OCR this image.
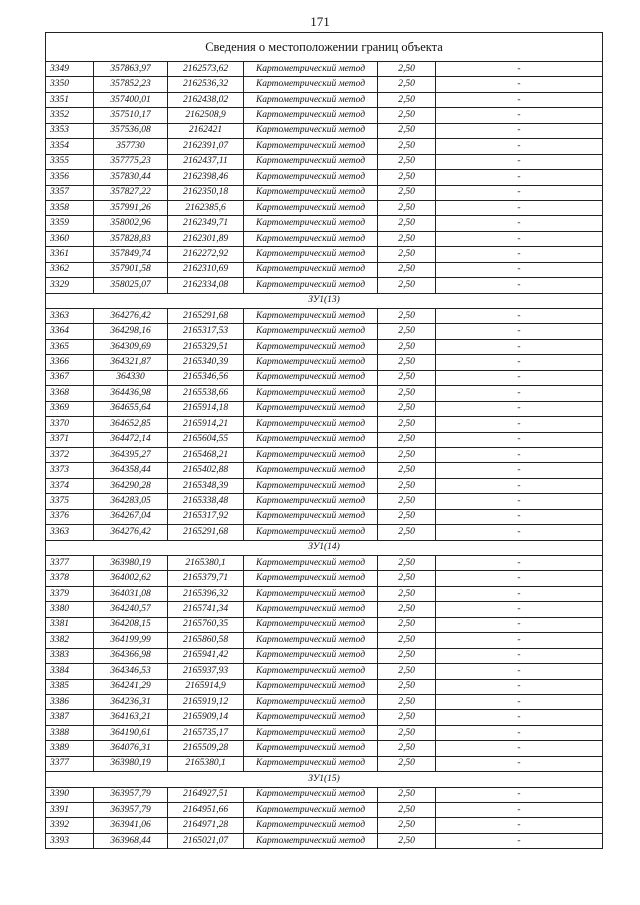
171
Сведения о местоположении границ объекта					
3349	357863,97	2162573,62	Картометрический метод	2,50	-
3350	357852,23	2162536,32	Картометрический метод	2,50	-
3351	357400,01	2162438,02	Картометрический метод	2,50	-
3352	357510,17	2162508,9	Картометрический метод	2,50	-
3353	357536,08	2162421	Картометрический метод	2,50	-
3354	357730	2162391,07	Картометрический метод	2,50	-
3355	357775,23	2162437,11	Картометрический метод	2,50	-
3356	357830,44	2162398,46	Картометрический метод	2,50	-
3357	357827,22	2162350,18	Картометрический метод	2,50	-
3358	357991,26	2162385,6	Картометрический метод	2,50	-
3359	358002,96	2162349,71	Картометрический метод	2,50	-
3360	357828,83	2162301,89	Картометрический метод	2,50	-
3361	357849,74	2162272,92	Картометрический метод	2,50	-
3362	357901,58	2162310,69	Картометрический метод	2,50	-
3329	358025,07	2162334,08	Картометрический метод	2,50	-
ЗУ1(13)					
3363	364276,42	2165291,68	Картометрический метод	2,50	-
3364	364298,16	2165317,53	Картометрический метод	2,50	-
3365	364309,69	2165329,51	Картометрический метод	2,50	-
3366	364321,87	2165340,39	Картометрический метод	2,50	-
3367	364330	2165346,56	Картометрический метод	2,50	-
3368	364436,98	2165538,66	Картометрический метод	2,50	-
3369	364655,64	2165914,18	Картометрический метод	2,50	-
3370	364652,85	2165914,21	Картометрический метод	2,50	-
3371	364472,14	2165604,55	Картометрический метод	2,50	-
3372	364395,27	2165468,21	Картометрический метод	2,50	-
3373	364358,44	2165402,88	Картометрический метод	2,50	-
3374	364290,28	2165348,39	Картометрический метод	2,50	-
3375	364283,05	2165338,48	Картометрический метод	2,50	-
3376	364267,04	2165317,92	Картометрический метод	2,50	-
3363	364276,42	2165291,68	Картометрический метод	2,50	-
ЗУ1(14)					
3377	363980,19	2165380,1	Картометрический метод	2,50	-
3378	364002,62	2165379,71	Картометрический метод	2,50	-
3379	364031,08	2165396,32	Картометрический метод	2,50	-
3380	364240,57	2165741,34	Картометрический метод	2,50	-
3381	364208,15	2165760,35	Картометрический метод	2,50	-
3382	364199,99	2165860,58	Картометрический метод	2,50	-
3383	364366,98	2165941,42	Картометрический метод	2,50	-
3384	364346,53	2165937,93	Картометрический метод	2,50	-
3385	364241,29	2165914,9	Картометрический метод	2,50	-
3386	364236,31	2165919,12	Картометрический метод	2,50	-
3387	364163,21	2165909,14	Картометрический метод	2,50	-
3388	364190,61	2165735,17	Картометрический метод	2,50	-
3389	364076,31	2165509,28	Картометрический метод	2,50	-
3377	363980,19	2165380,1	Картометрический метод	2,50	-
ЗУ1(15)					
3390	363957,79	2164927,51	Картометрический метод	2,50	-
3391	363957,79	2164951,66	Картометрический метод	2,50	-
3392	363941,06	2164971,28	Картометрический метод	2,50	-
3393	363968,44	2165021,07	Картометрический метод	2,50	-
